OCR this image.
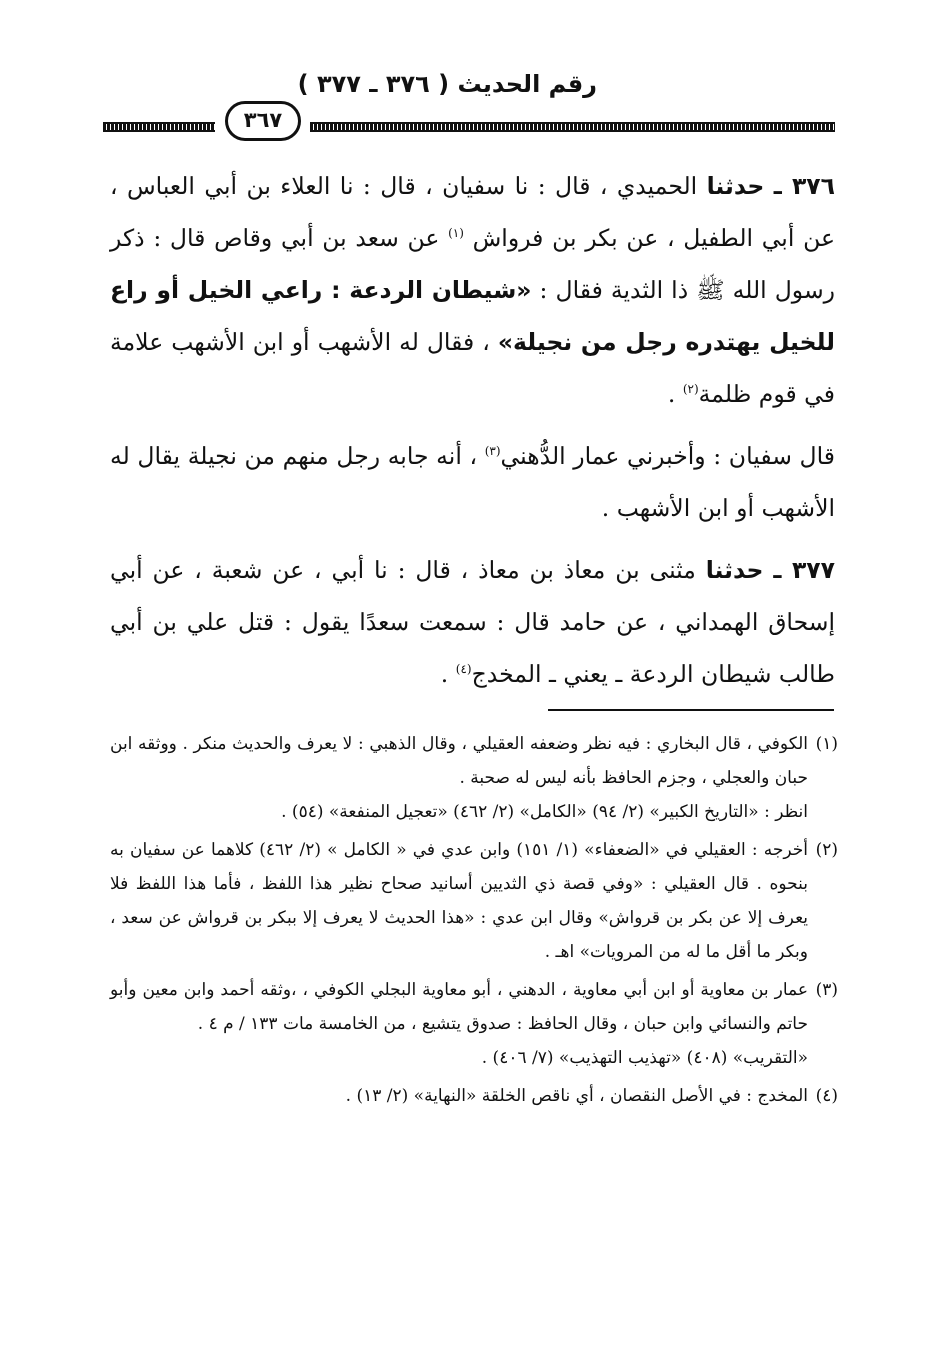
رقم الحديث ( ٣٧٦ ـ ٣٧٧ )
٣٦٧

٣٧٦ ـ حدثنا الحميدي ، قال : نا سفيان ، قال : نا العلاء بن أبي العباس ، عن أبي الطفيل ، عن بكر بن فرواش $^{(١)}$ عن سعد بن أبي وقاص قال : ذكر رسول الله ﷺ ذا الثدية فقال : «شيطان الردعة : راعي الخيل أو راع للخيل يهتدره رجل من نجيلة» ، فقال له الأشهب أو ابن الأشهب علامة في قوم ظلمة$^{(٢)}$ .

قال سفيان : وأخبرني عمار الدُّهني$^{(٣)}$ ، أنه جابه رجل منهم من نجيلة يقال له الأشهب أو ابن الأشهب .

٣٧٧ ـ حدثنا مثنى بن معاذ بن معاذ ، قال : نا أبي ، عن شعبة ، عن أبي إسحاق الهمداني ، عن حامد قال : سمعت سعدًا يقول : قتل علي بن أبي طالب شيطان الردعة ـ يعني ـ المخدج$^{(٤)}$ .

(١)
الكوفي ، قال البخاري : فيه نظر وضعفه العقيلي ، وقال الذهبي : لا يعرف والحديث منكر . ووثقه ابن حبان والعجلي ، وجزم الحافظ بأنه ليس له صحبة .
انظر : «التاريخ الكبير» (٢/ ٩٤) «الكامل» (٢/ ٤٦٢) «تعجيل المنفعة» (٥٤) .
(٢)
أخرجه : العقيلي في «الضعفاء» (١/ ١٥١) وابن عدي في « الكامل » (٢/ ٤٦٢) كلاهما عن سفيان به بنحوه . قال العقيلي : «وفي قصة ذي الثديين أسانيد صحاح نظير هذا اللفظ ، فأما هذا اللفظ فلا يعرف إلا عن بكر بن قرواش» وقال ابن عدي : «هذا الحديث لا يعرف إلا ببكر بن قرواش عن سعد ، وبكر ما أقل ما له من المرويات» اهـ .
(٣)
عمار بن معاوية أو ابن أبي معاوية ، الدهني ، أبو معاوية البجلي الكوفي ، ،وثقه أحمد وابن معين وأبو حاتم والنسائي وابن حبان ، وقال الحافظ : صدوق يتشيع ، من الخامسة مات ١٣٣ / م ٤ .
«التقريب» (٤٠٨) «تهذيب التهذيب» (٧/ ٤٠٦) .
(٤)
المخدج : في الأصل النقصان ، أي ناقص الخلقة «النهاية» (٢/ ١٣) .
